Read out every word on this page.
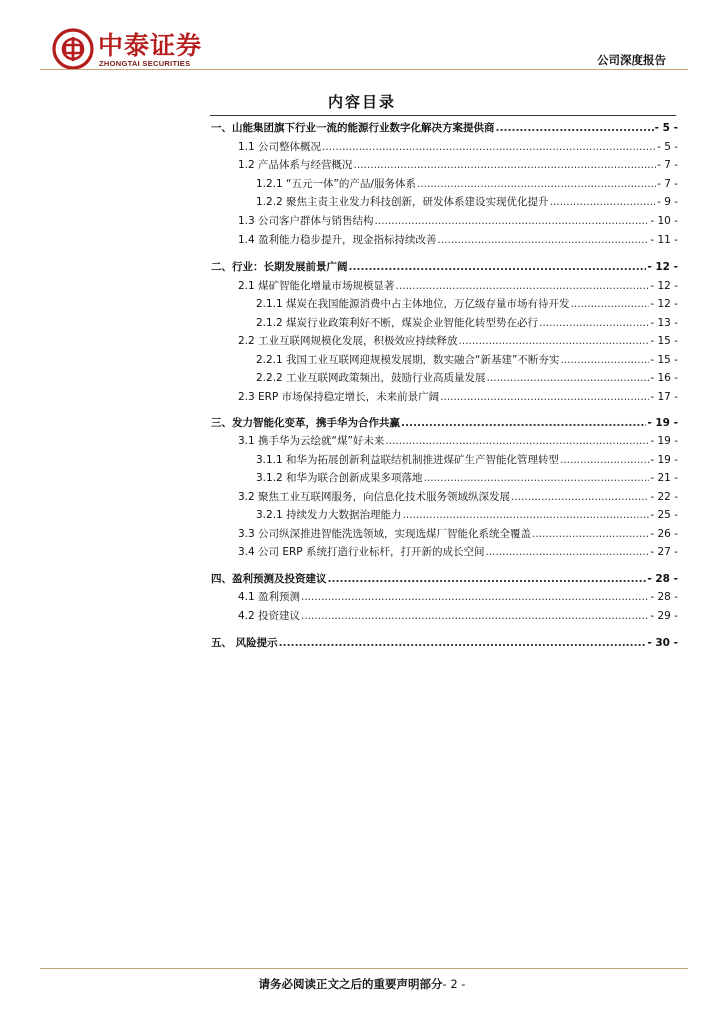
中泰证券
ZHONGTAI SECURITIES	公司深度报告
内容目录
一、山能集团旗下行业一流的能源行业数字化解决方案提供商 .....	- 5 -
1.1 公司整体概况 .....	- 5 -
1.2 产品体系与经营概况 .....	- 7 -
1.2.1 “五元一体”的产品/服务体系 .....	- 7 -
1.2.2 聚焦主责主业发力科技创新，研发体系建设实现优化提升 .....	- 9 -
1.3 公司客户群体与销售结构 .....	- 10 -
1.4 盈利能力稳步提升，现金指标持续改善 .....	- 11 -
二、行业：长期发展前景广阔 .....	- 12 -
2.1 煤矿智能化增量市场规模显著 .....	- 12 -
2.1.1 煤炭在我国能源消费中占主体地位，万亿级存量市场有待开发 .....	- 12 -
2.1.2 煤炭行业政策利好不断，煤炭企业智能化转型势在必行 .....	- 13 -
2.2 工业互联网规模化发展，积极效应持续释放 .....	- 15 -
2.2.1 我国工业互联网迎规模发展期，数实融合“新基建”不断夯实 .....	- 15 -
2.2.2 工业互联网政策频出，鼓励行业高质量发展 .....	- 16 -
2.3 ERP 市场保持稳定增长，未来前景广阔 .....	- 17 -
三、发力智能化变革，携手华为合作共赢 .....	- 19 -
3.1 携手华为云绘就“煤”好未来 .....	- 19 -
3.1.1 和华为拓展创新利益联结机制推进煤矿生产智能化管理转型 .....	- 19 -
3.1.2 和华为联合创新成果多项落地 .....	- 21 -
3.2 聚焦工业互联网服务，向信息化技术服务领域纵深发展 .....	- 22 -
3.2.1 持续发力大数据治理能力 .....	- 25 -
3.3 公司纵深推进智能洗选领域，实现选煤厂智能化系统全覆盖 .....	- 26 -
3.4 公司 ERP 系统打造行业标杆，打开新的成长空间 .....	- 27 -
四、盈利预测及投资建议 .....	- 28 -
4.1 盈利预测 .....	- 28 -
4.2 投资建议 .....	- 29 -
五、 风险提示 .....	- 30 -
请务必阅读正文之后的重要声明部分- 2 -
